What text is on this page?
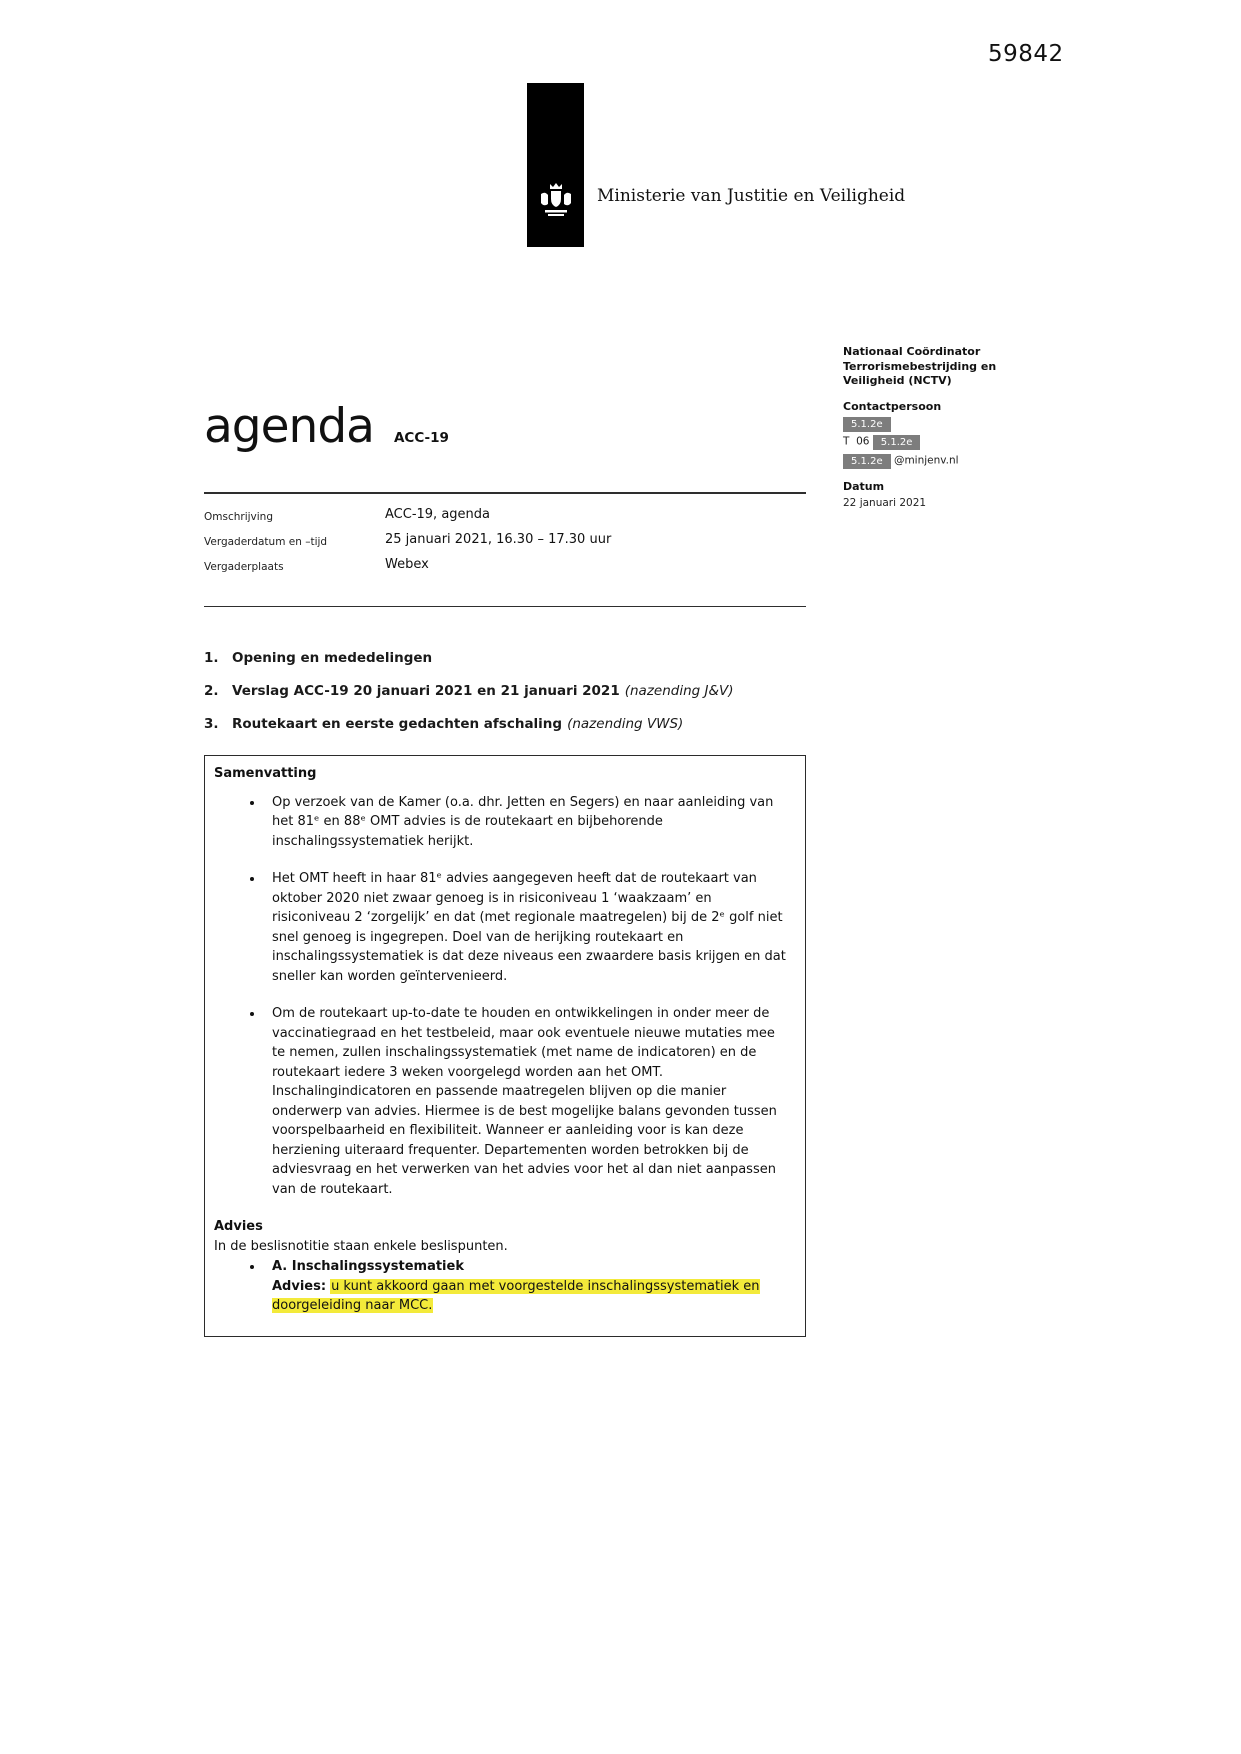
59842
Ministerie van Justitie en Veiligheid
Nationaal Coördinator
Terrorismebestrijding en
Veiligheid (NCTV)
Contactpersoon
5.1.2e
T  06 5.1.2e
5.1.2e @minjenv.nl
Datum
22 januari 2021
agenda ACC-19
Omschrijving	ACC-19, agenda
Vergaderdatum en –tijd	25 januari 2021, 16.30 – 17.30 uur
Vergaderplaats	Webex
1. Opening en mededelingen
2. Verslag ACC-19 20 januari 2021 en 21 januari 2021 (nazending J&V)
3. Routekaart en eerste gedachten afschaling (nazending VWS)
Samenvatting
• Op verzoek van de Kamer (o.a. dhr. Jetten en Segers) en naar aanleiding van het 81ᵉ en 88ᵉ OMT advies is de routekaart en bijbehorende inschalingssystematiek herijkt.
• Het OMT heeft in haar 81ᵉ advies aangegeven heeft dat de routekaart van oktober 2020 niet zwaar genoeg is in risiconiveau 1 ‘waakzaam’ en risiconiveau 2 ‘zorgelijk’ en dat (met regionale maatregelen) bij de 2ᵉ golf niet snel genoeg is ingegrepen. Doel van de herijking routekaart en inschalingssystematiek is dat deze niveaus een zwaardere basis krijgen en dat sneller kan worden geïntervenieerd.
• Om de routekaart up-to-date te houden en ontwikkelingen in onder meer de vaccinatiegraad en het testbeleid, maar ook eventuele nieuwe mutaties mee te nemen, zullen inschalingssystematiek (met name de indicatoren) en de routekaart iedere 3 weken voorgelegd worden aan het OMT. Inschalingindicatoren en passende maatregelen blijven op die manier onderwerp van advies. Hiermee is de best mogelijke balans gevonden tussen voorspelbaarheid en flexibiliteit. Wanneer er aanleiding voor is kan deze herziening uiteraard frequenter. Departementen worden betrokken bij de adviesvraag en het verwerken van het advies voor het al dan niet aanpassen van de routekaart.
Advies
In de beslisnotitie staan enkele beslispunten.
• A. Inschalingssystematiek
Advies: u kunt akkoord gaan met voorgestelde inschalingssystematiek en doorgeleiding naar MCC.
